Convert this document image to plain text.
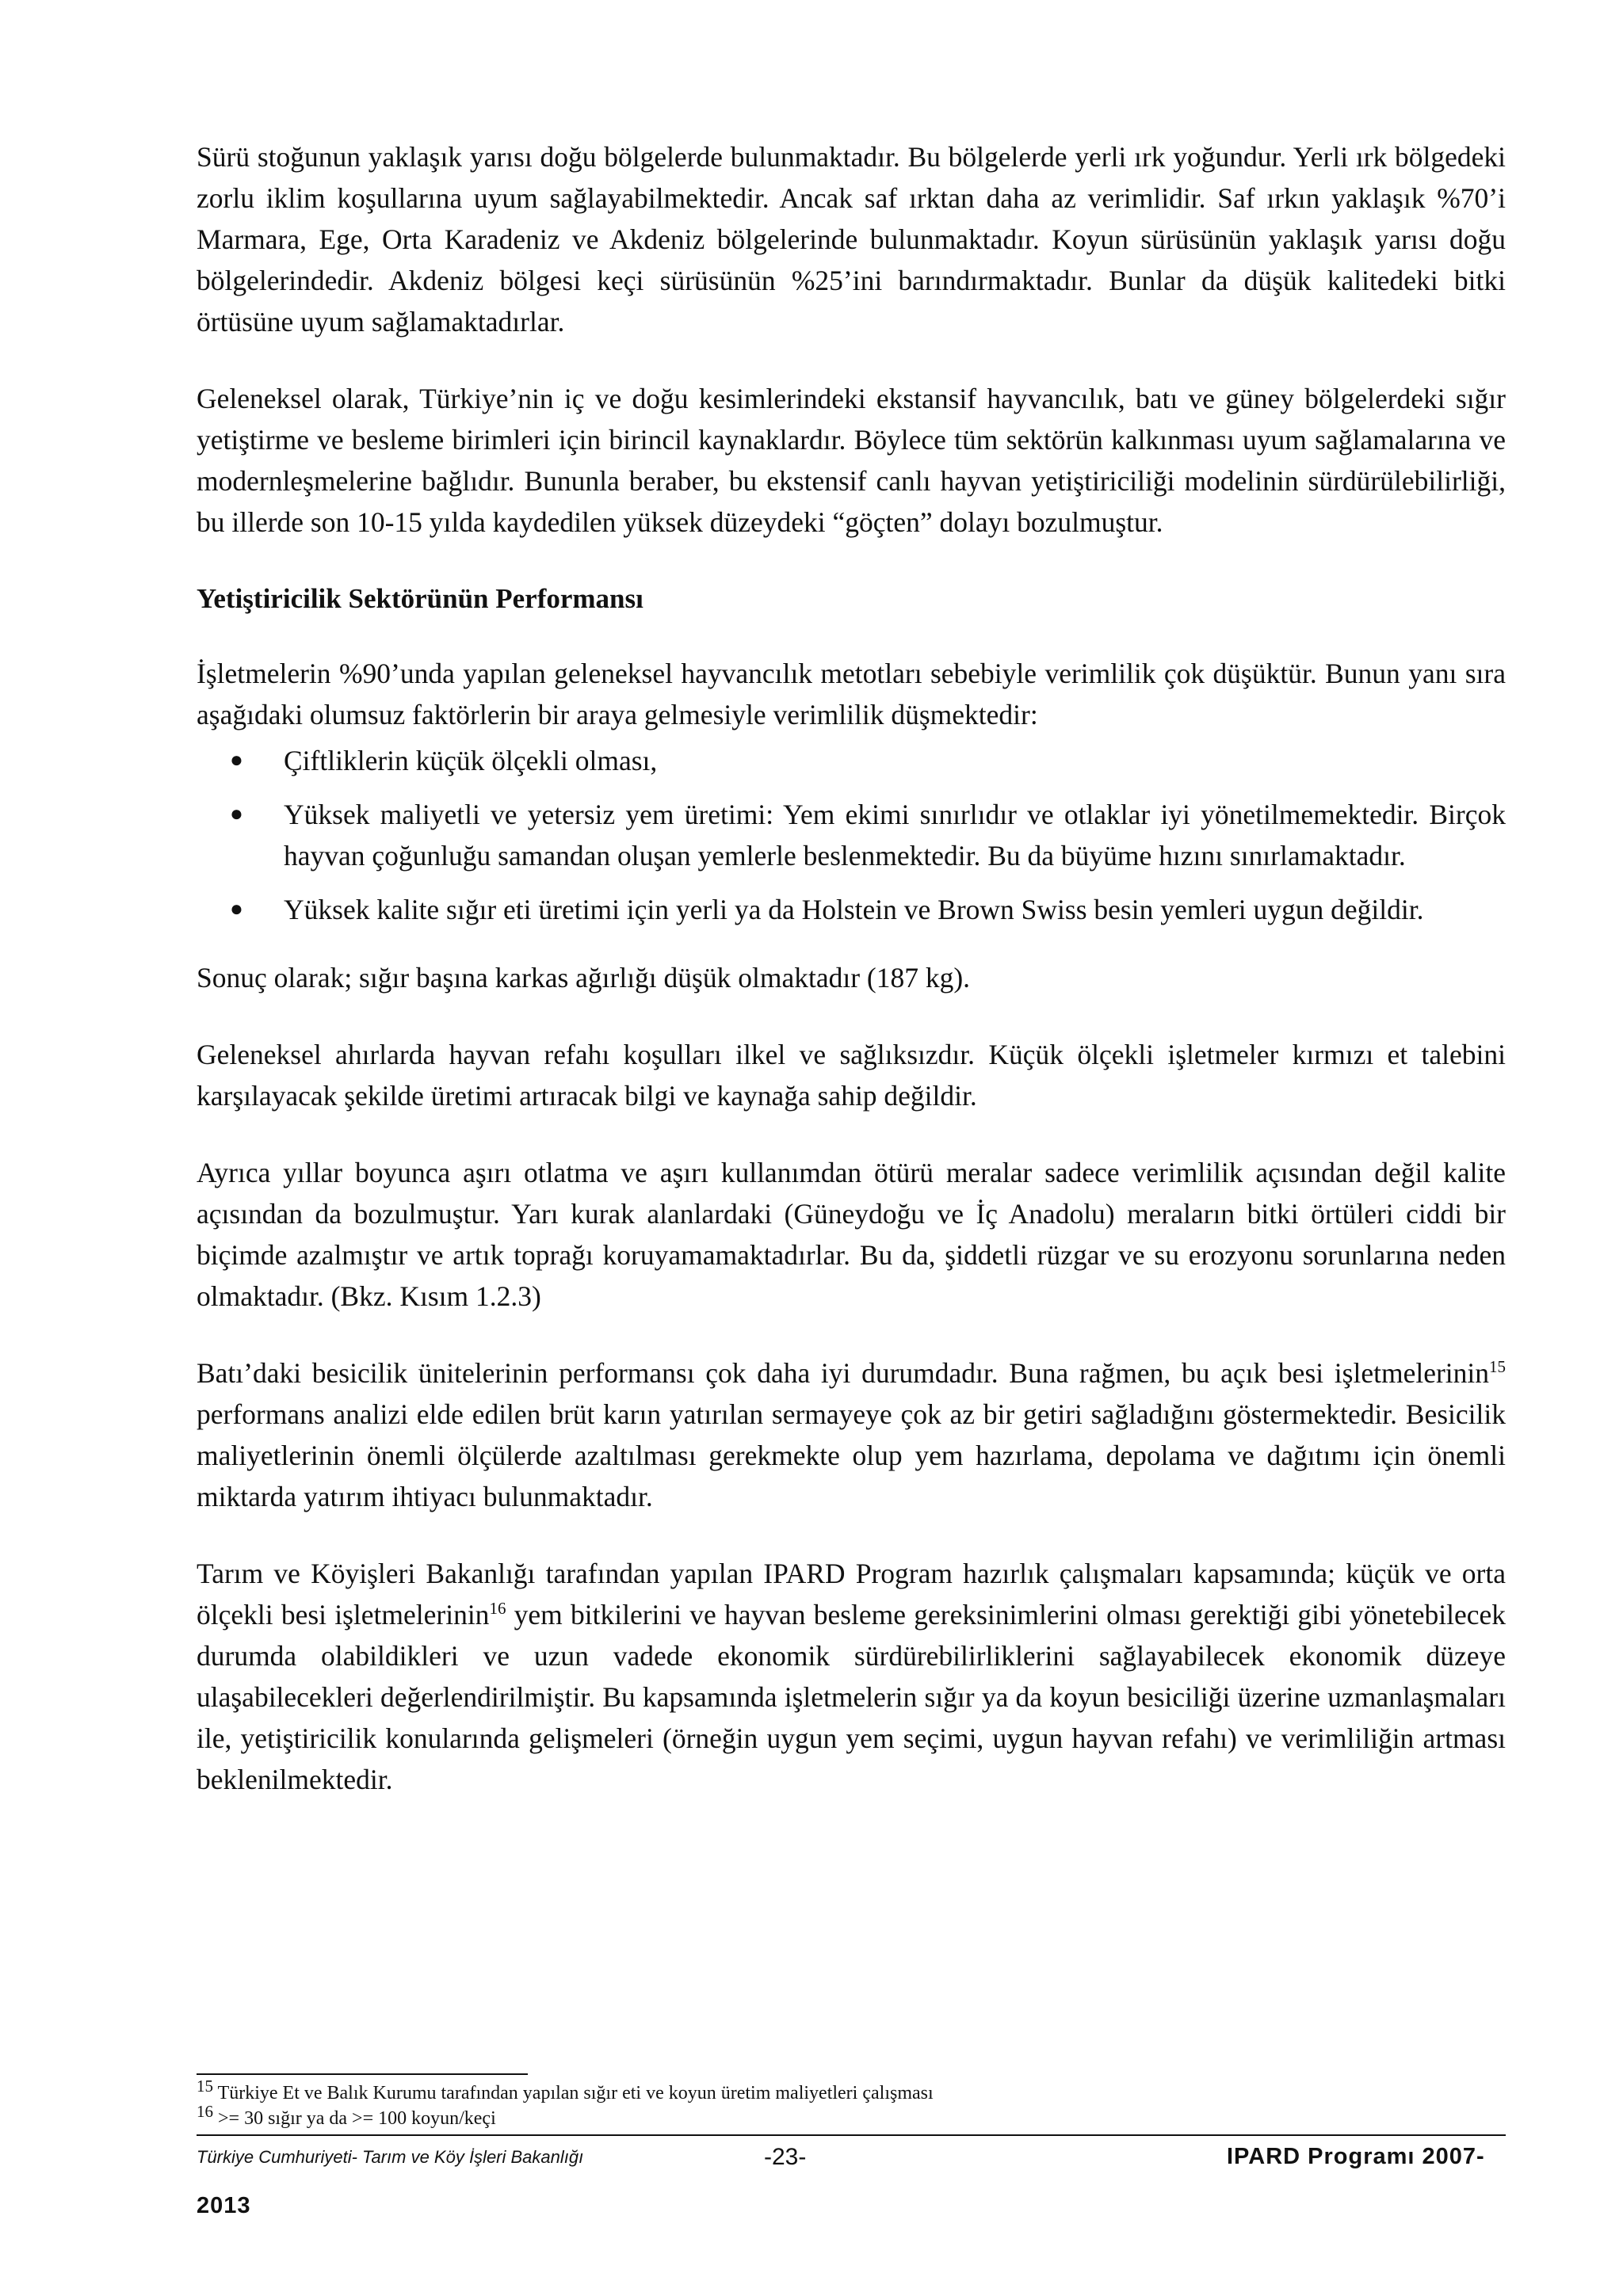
Sürü stoğunun yaklaşık yarısı doğu bölgelerde bulunmaktadır. Bu bölgelerde yerli ırk yoğundur. Yerli ırk bölgedeki zorlu iklim koşullarına uyum sağlayabilmektedir. Ancak saf ırktan daha az verimlidir. Saf ırkın yaklaşık %70’i Marmara, Ege, Orta Karadeniz ve Akdeniz bölgelerinde bulunmaktadır. Koyun sürüsünün yaklaşık yarısı doğu bölgelerindedir. Akdeniz bölgesi keçi sürüsünün %25’ini barındırmaktadır. Bunlar da düşük kalitedeki bitki örtüsüne uyum sağlamaktadırlar.

Geleneksel olarak, Türkiye’nin iç ve doğu kesimlerindeki ekstansif hayvancılık, batı ve güney bölgelerdeki sığır yetiştirme ve besleme birimleri için birincil kaynaklardır. Böylece tüm sektörün kalkınması uyum sağlamalarına ve modernleşmelerine bağlıdır. Bununla beraber, bu ekstensif canlı hayvan yetiştiriciliği modelinin sürdürülebilirliği, bu illerde son 10-15 yılda kaydedilen yüksek düzeydeki “göçten” dolayı bozulmuştur.

Yetiştiricilik Sektörünün Performansı

İşletmelerin %90’unda yapılan geleneksel hayvancılık metotları sebebiyle verimlilik çok düşüktür. Bunun yanı sıra aşağıdaki olumsuz faktörlerin bir araya gelmesiyle verimlilik düşmektedir:

● Çiftliklerin küçük ölçekli olması,
● Yüksek maliyetli ve yetersiz yem üretimi: Yem ekimi sınırlıdır ve otlaklar iyi yönetilmemektedir. Birçok hayvan çoğunluğu samandan oluşan yemlerle beslenmektedir. Bu da büyüme hızını sınırlamaktadır.
● Yüksek kalite sığır eti üretimi için yerli ya da Holstein ve Brown Swiss besin yemleri uygun değildir.

Sonuç olarak; sığır başına karkas ağırlığı düşük olmaktadır (187 kg).

Geleneksel ahırlarda hayvan refahı koşulları ilkel ve sağlıksızdır. Küçük ölçekli işletmeler kırmızı et talebini karşılayacak şekilde üretimi artıracak bilgi ve kaynağa sahip değildir.

Ayrıca yıllar boyunca aşırı otlatma ve aşırı kullanımdan ötürü meralar sadece verimlilik açısından değil kalite açısından da bozulmuştur. Yarı kurak alanlardaki (Güneydoğu ve İç Anadolu) meraların bitki örtüleri ciddi bir biçimde azalmıştır ve artık toprağı koruyamamaktadırlar. Bu da, şiddetli rüzgar ve su erozyonu sorunlarına neden olmaktadır. (Bkz. Kısım 1.2.3)

Batı’daki besicilik ünitelerinin performansı çok daha iyi durumdadır. Buna rağmen, bu açık besi işletmelerinin$^{15}$ performans analizi elde edilen brüt karın yatırılan sermayeye çok az bir getiri sağladığını göstermektedir. Besicilik maliyetlerinin önemli ölçülerde azaltılması gerekmekte olup yem hazırlama, depolama ve dağıtımı için önemli miktarda yatırım ihtiyacı bulunmaktadır.

Tarım ve Köyişleri Bakanlığı tarafından yapılan IPARD Program hazırlık çalışmaları kapsamında; küçük ve orta ölçekli besi işletmelerinin$^{16}$ yem bitkilerini ve hayvan besleme gereksinimlerini olması gerektiği gibi yönetebilecek durumda olabildikleri ve uzun vadede ekonomik sürdürebilirliklerini sağlayabilecek ekonomik düzeye ulaşabilecekleri değerlendirilmiştir. Bu kapsamında işletmelerin sığır ya da koyun besiciliği üzerine uzmanlaşmaları ile, yetiştiricilik konularında gelişmeleri (örneğin uygun yem seçimi, uygun hayvan refahı) ve verimliliğin artması beklenilmektedir.

$^{15}$ Türkiye Et ve Balık Kurumu tarafından yapılan sığır eti ve koyun üretim maliyetleri çalışması
$^{16}$ >= 30 sığır ya da >= 100 koyun/keçi
Türkiye Cumhuriyeti- Tarım ve Köy İşleri Bakanlığı	-23-	IPARD Programı 2007-
2013
